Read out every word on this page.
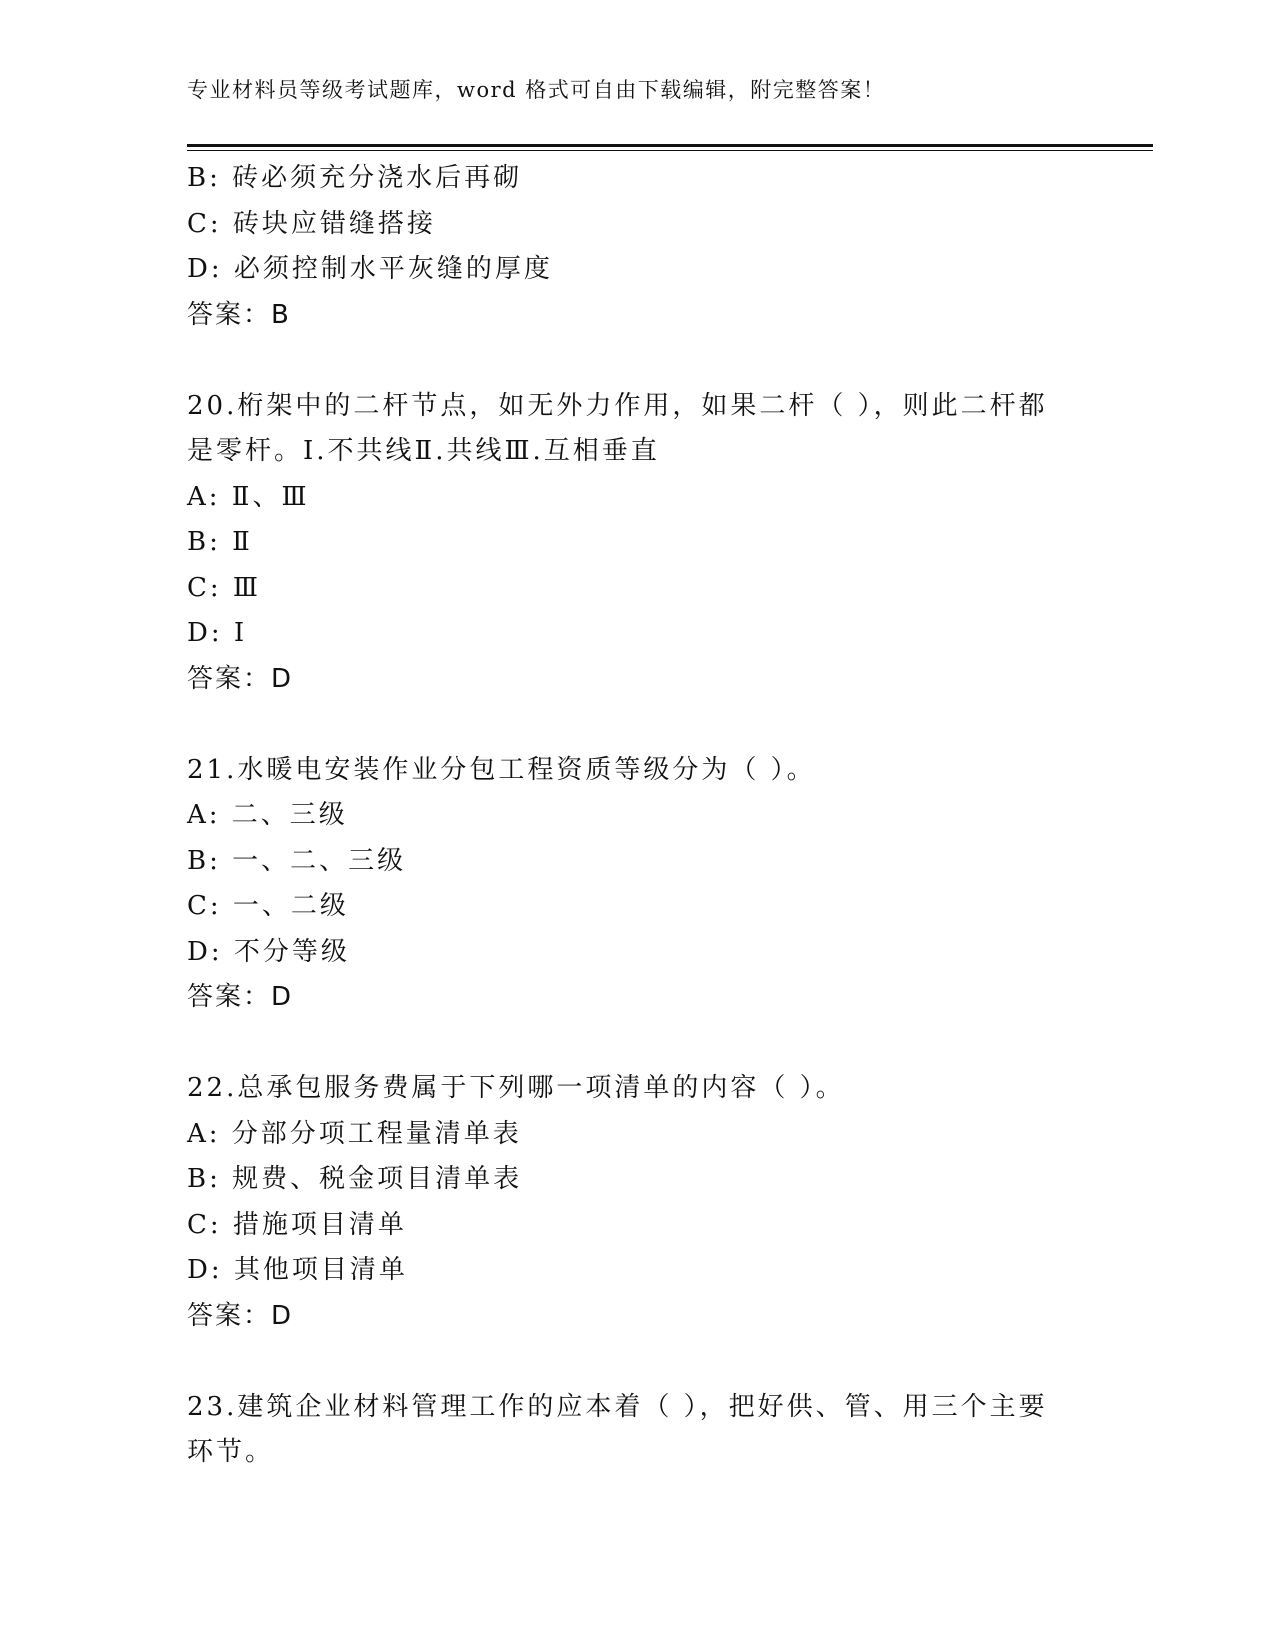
专业材料员等级考试题库，word 格式可自由下载编辑，附完整答案！
B: 砖必须充分浇水后再砌
C: 砖块应错缝搭接
D: 必须控制水平灰缝的厚度
答案：B
20.桁架中的二杆节点，如无外力作用，如果二杆（ ），则此二杆都
是零杆。I.不共线Ⅱ.共线Ⅲ.互相垂直
A: Ⅱ、Ⅲ
B: Ⅱ
C: Ⅲ
D: I
答案：D
21.水暖电安装作业分包工程资质等级分为（ ）。
A: 二、三级
B: 一、二、三级
C: 一、二级
D: 不分等级
答案：D
22.总承包服务费属于下列哪一项清单的内容（ ）。
A: 分部分项工程量清单表
B: 规费、税金项目清单表
C: 措施项目清单
D: 其他项目清单
答案：D
23.建筑企业材料管理工作的应本着（ ），把好供、管、用三个主要
环节。
